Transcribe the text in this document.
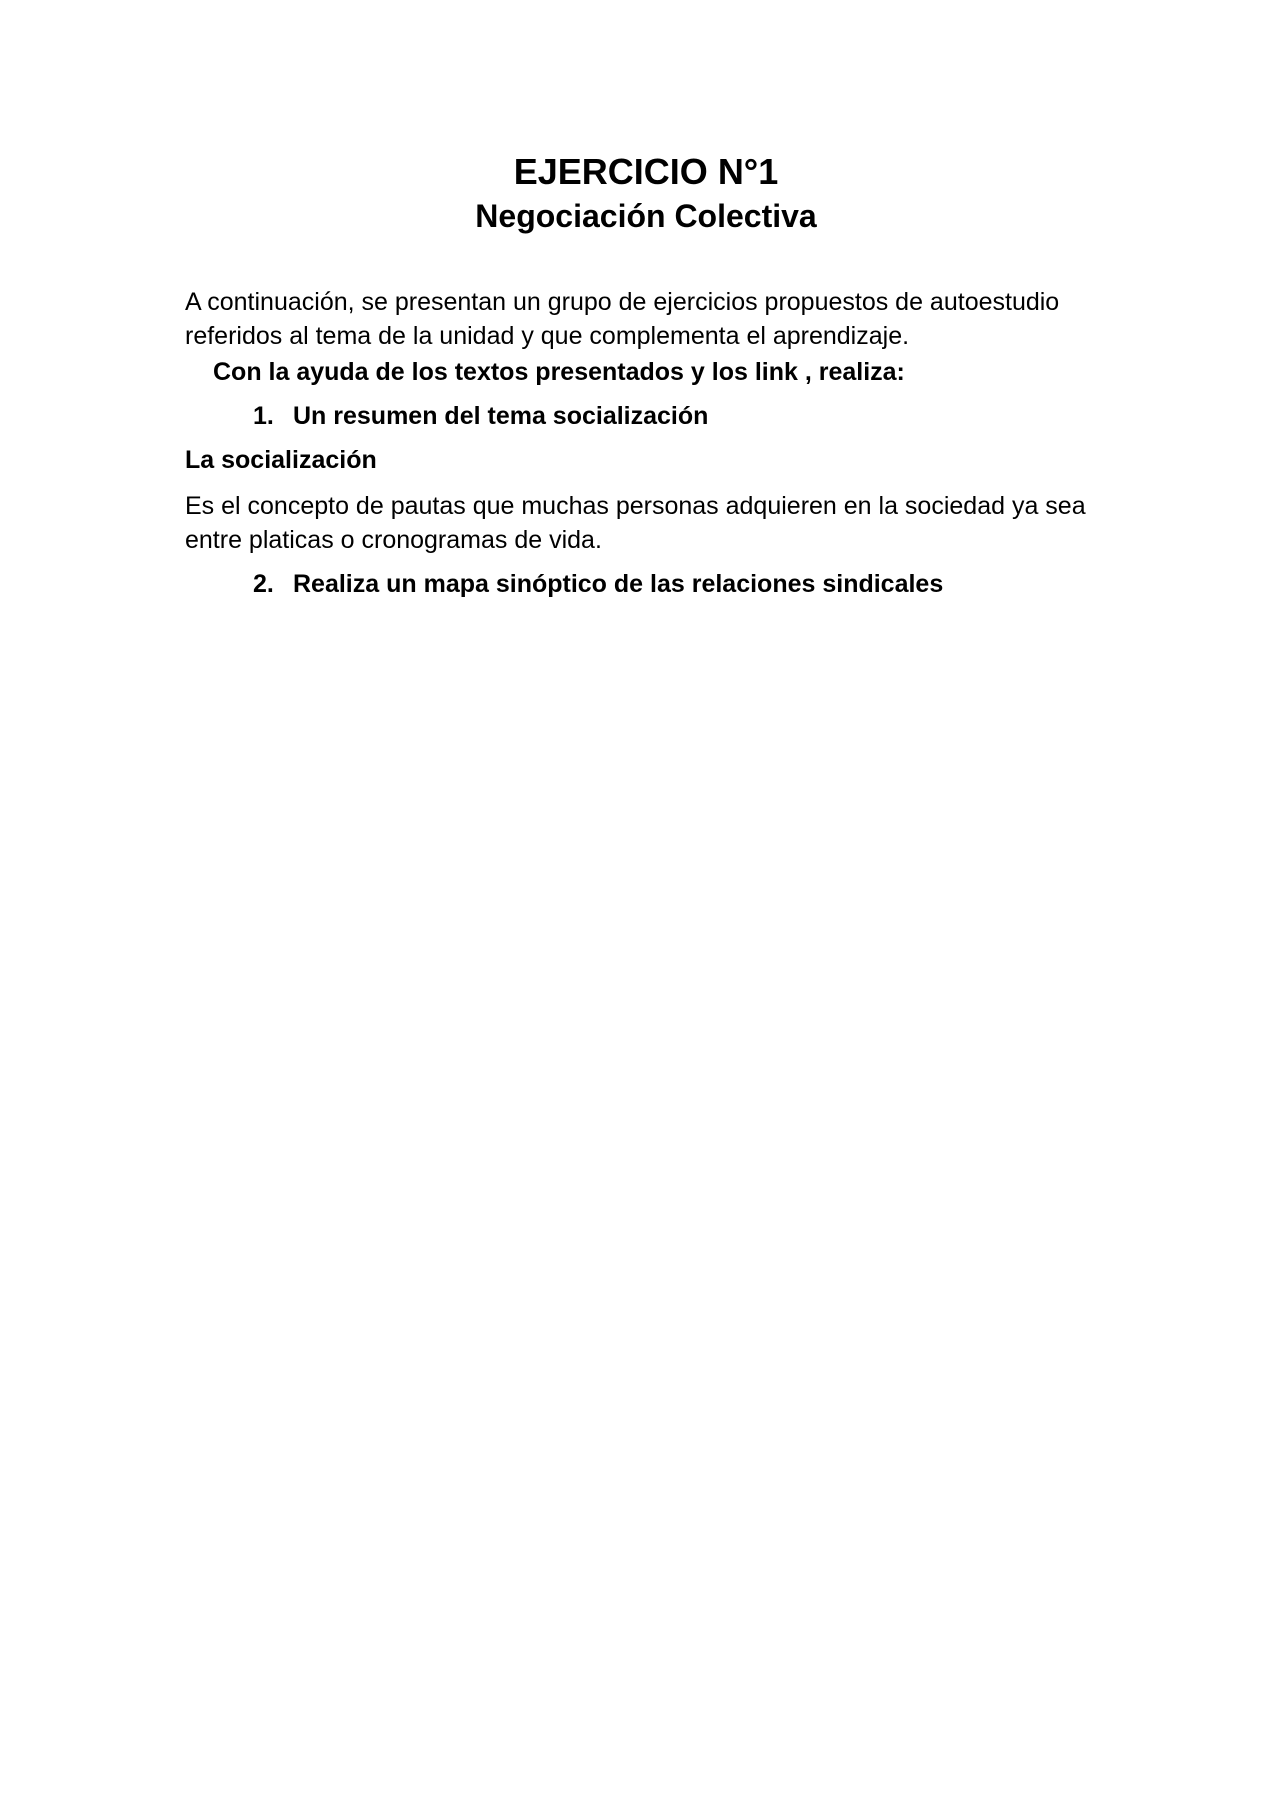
EJERCICIO N°1
Negociación Colectiva

A continuación, se presentan un grupo de ejercicios propuestos de autoestudio referidos al tema de la unidad y que complementa el aprendizaje.

Con la ayuda de los textos presentados y los link , realiza:

1. Un resumen del tema socialización

La socialización

Es el concepto de pautas que muchas personas adquieren en la sociedad ya sea entre platicas o cronogramas de vida.

2. Realiza un mapa sinóptico de las relaciones sindicales
